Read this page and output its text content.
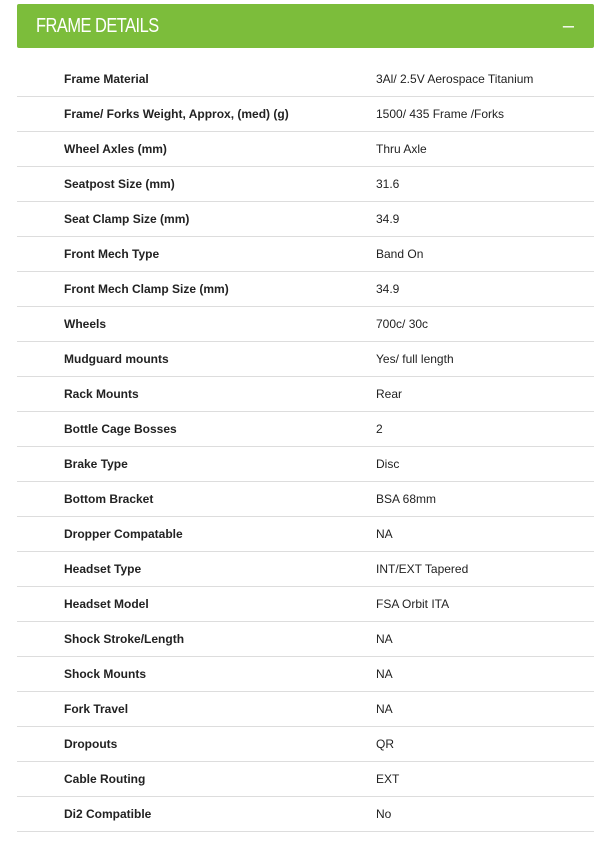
FRAME DETAILS	–
Frame Material	3Al/ 2.5V Aerospace Titanium
Frame/ Forks Weight, Approx, (med) (g)	1500/ 435 Frame /Forks
Wheel Axles (mm)	Thru Axle
Seatpost Size (mm)	31.6
Seat Clamp Size (mm)	34.9
Front Mech Type	Band On
Front Mech Clamp Size (mm)	34.9
Wheels	700c/ 30c
Mudguard mounts	Yes/ full length
Rack Mounts	Rear
Bottle Cage Bosses	2
Brake Type	Disc
Bottom Bracket	BSA 68mm
Dropper Compatable	NA
Headset Type	INT/EXT Tapered
Headset Model	FSA Orbit ITA
Shock Stroke/Length	NA
Shock Mounts	NA
Fork Travel	NA
Dropouts	QR
Cable Routing	EXT
Di2 Compatible	No
